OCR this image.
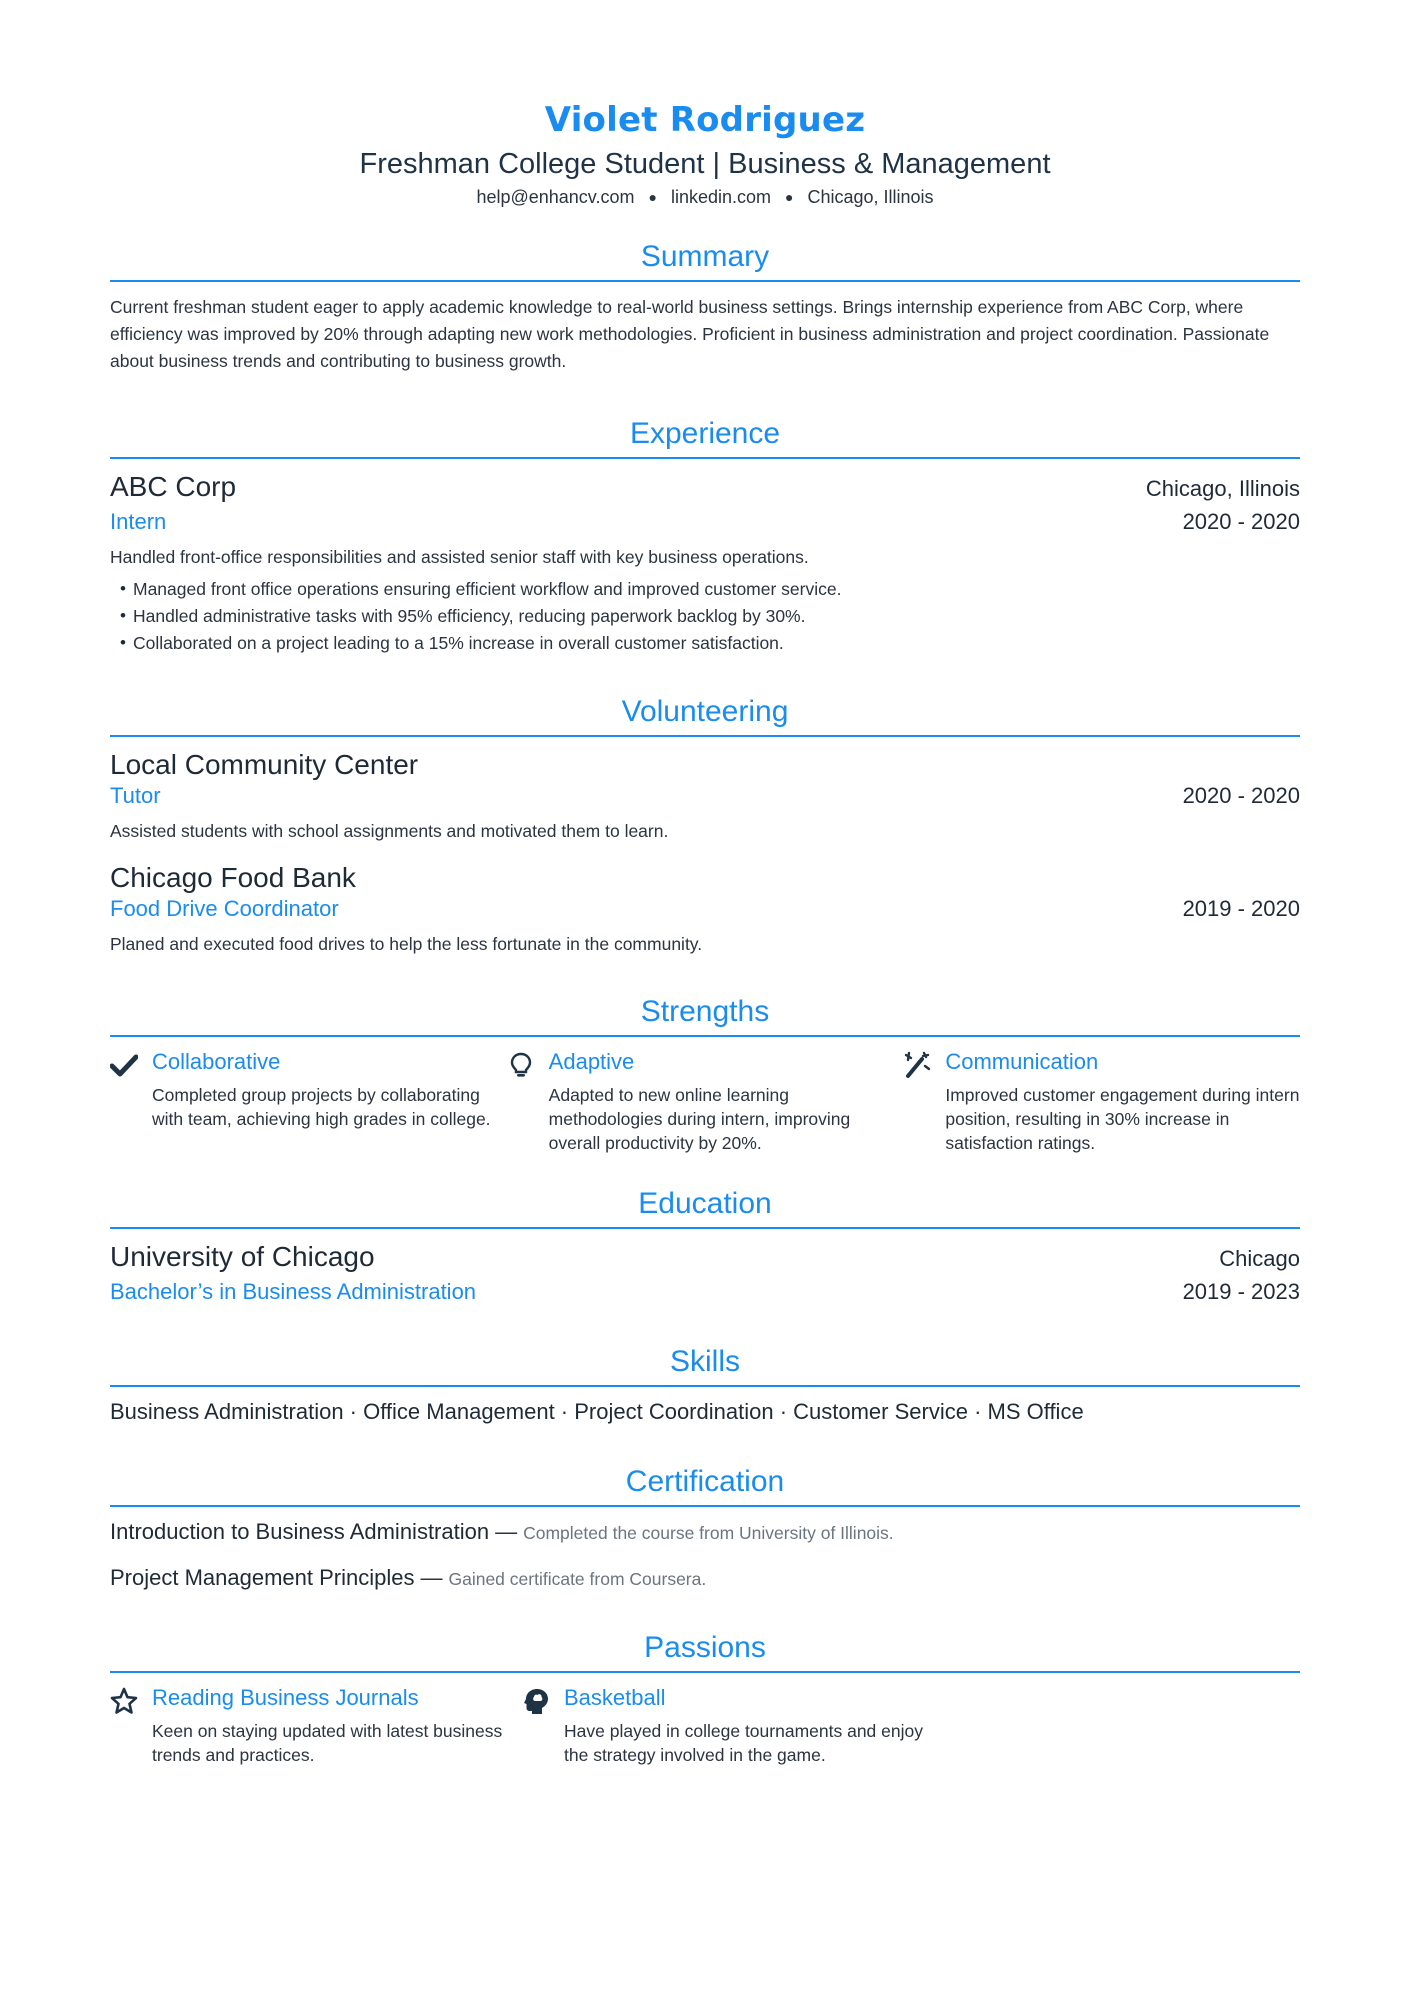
Violet Rodriguez
Freshman College Student | Business & Management
help@enhancv.com ● linkedin.com ● Chicago, Illinois
Summary
Current freshman student eager to apply academic knowledge to real-world business settings. Brings internship experience from ABC Corp, where efficiency was improved by 20% through adapting new work methodologies. Proficient in business administration and project coordination. Passionate about business trends and contributing to business growth.
Experience
ABC Corp	Chicago, Illinois
Intern	2020 - 2020
Handled front-office responsibilities and assisted senior staff with key business operations.
• Managed front office operations ensuring efficient workflow and improved customer service.
• Handled administrative tasks with 95% efficiency, reducing paperwork backlog by 30%.
• Collaborated on a project leading to a 15% increase in overall customer satisfaction.
Volunteering
Local Community Center
Tutor	2020 - 2020
Assisted students with school assignments and motivated them to learn.
Chicago Food Bank
Food Drive Coordinator	2019 - 2020
Planed and executed food drives to help the less fortunate in the community.
Strengths
Collaborative
Completed group projects by collaborating with team, achieving high grades in college.
Adaptive
Adapted to new online learning methodologies during intern, improving overall productivity by 20%.
Communication
Improved customer engagement during intern position, resulting in 30% increase in satisfaction ratings.
Education
University of Chicago	Chicago
Bachelor’s in Business Administration	2019 - 2023
Skills
Business Administration · Office Management · Project Coordination · Customer Service · MS Office
Certification
Introduction to Business Administration — Completed the course from University of Illinois.
Project Management Principles — Gained certificate from Coursera.
Passions
Reading Business Journals
Keen on staying updated with latest business trends and practices.
Basketball
Have played in college tournaments and enjoy the strategy involved in the game.
